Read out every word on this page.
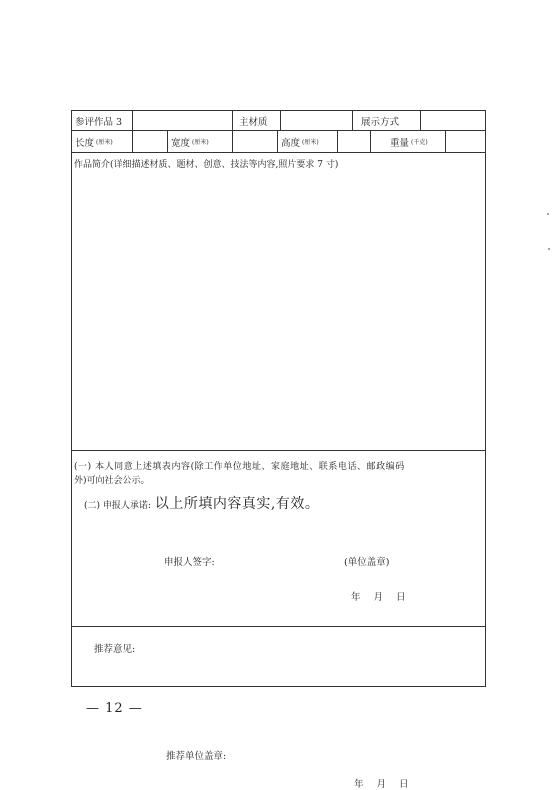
参评作品 3	主材质	展示方式
长度 (厘米)	宽度 (厘米)	高度 (厘米)	重量 (千克)
作品简介(详细描述材质、题材、创意、技法等内容,照片要求 7 寸)
(一) 本人同意上述填表内容(除工作单位地址、家庭地址、联系电话、邮政编码
外)可向社会公示。
(二) 申报人承诺: 以上所填内容真实,有效。
申报人签字:	(单位盖章)
年 月 日
推荐意见:
推荐单位盖章:
年 月 日
— 12 —
